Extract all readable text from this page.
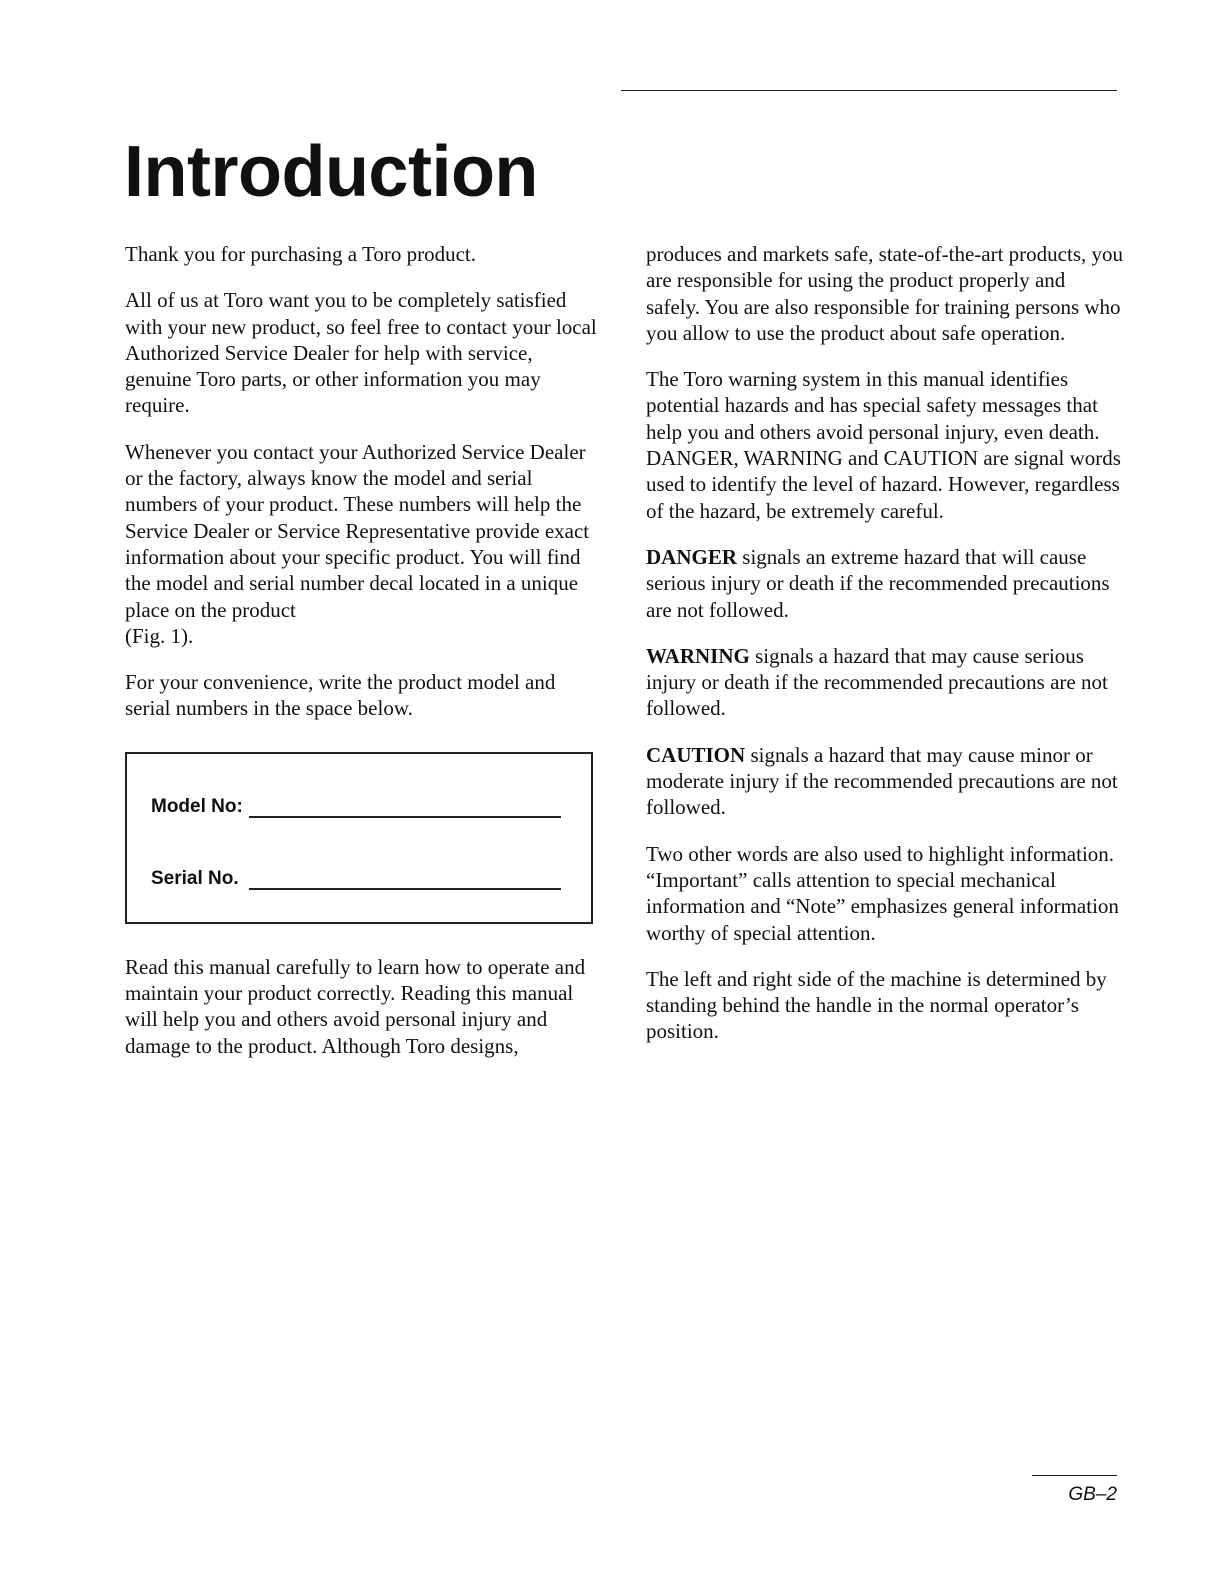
Introduction

Thank you for purchasing a Toro product.

All of us at Toro want you to be completely satisfied with your new product, so feel free to contact your local Authorized Service Dealer for help with service, genuine Toro parts, or other information you may require.

Whenever you contact your Authorized Service Dealer or the factory, always know the model and serial numbers of your product. These numbers will help the Service Dealer or Service Representative provide exact information about your specific product. You will find the model and serial number decal located in a unique place on the product
(Fig. 1).

For your convenience, write the product model and serial numbers in the space below.

Model No:
Serial No.

Read this manual carefully to learn how to operate and maintain your product correctly. Reading this manual will help you and others avoid personal injury and damage to the product. Although Toro designs,

produces and markets safe, state-of-the-art products, you are responsible for using the product properly and safely. You are also responsible for training persons who you allow to use the product about safe operation.

The Toro warning system in this manual identifies potential hazards and has special safety messages that help you and others avoid personal injury, even death. DANGER, WARNING and CAUTION are signal words used to identify the level of hazard. However, regardless of the hazard, be extremely careful.

DANGER signals an extreme hazard that will cause serious injury or death if the recommended precautions are not followed.

WARNING signals a hazard that may cause serious injury or death if the recommended precautions are not followed.

CAUTION signals a hazard that may cause minor or moderate injury if the recommended precautions are not followed.

Two other words are also used to highlight information. “Important” calls attention to special mechanical information and “Note” emphasizes general information worthy of special attention.

The left and right side of the machine is determined by standing behind the handle in the normal operator’s position.

GB–2
